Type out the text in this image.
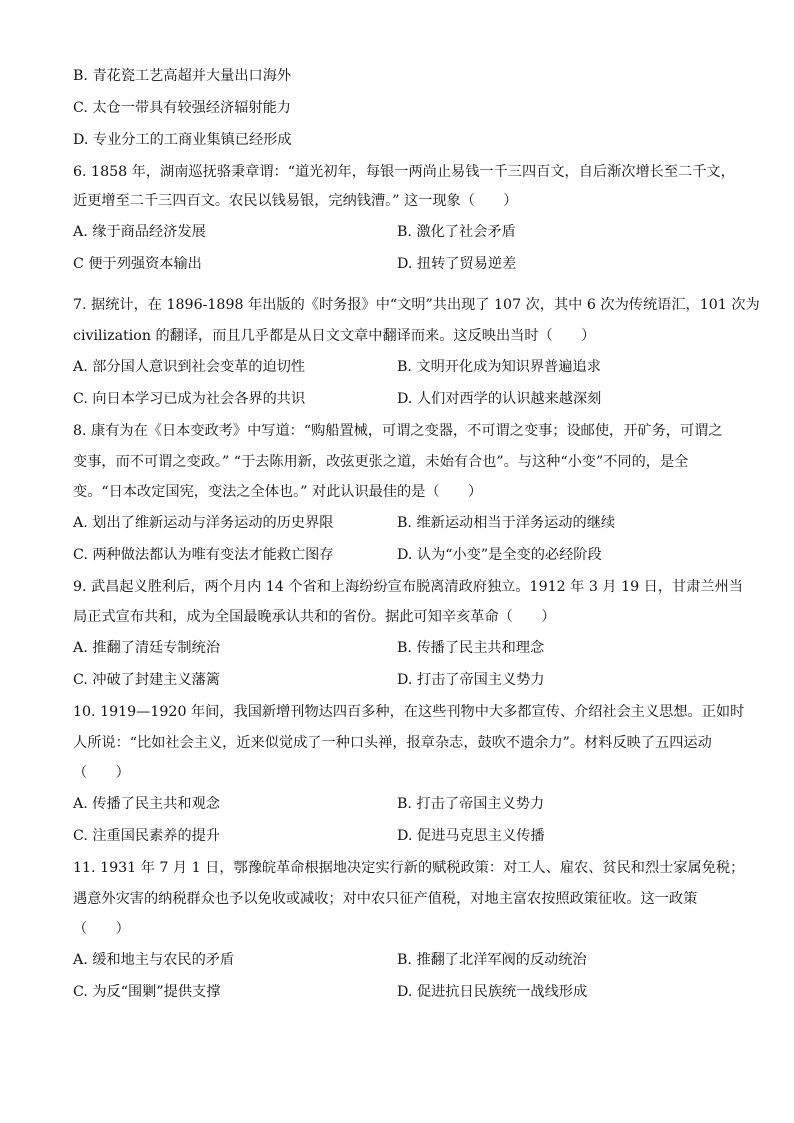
B. 青花瓷工艺高超并大量出口海外
C. 太仓一带具有较强经济辐射能力
D. 专业分工的工商业集镇已经形成
6. 1858 年，湖南巡抚骆秉章谓：“道光初年，每银一两尚止易钱一千三四百文，自后渐次增长至二千文，
近更增至二千三四百文。农民以钱易银，完纳钱漕。” 这一现象（　　）
A. 缘于商品经济发展	B. 激化了社会矛盾
C 便于列强资本输出	D. 扭转了贸易逆差
7. 据统计，在 1896-1898 年出版的《时务报》中“文明”共出现了 107 次，其中 6 次为传统语汇，101 次为
civilization 的翻译，而且几乎都是从日文文章中翻译而来。这反映出当时（　　）
A. 部分国人意识到社会变革的迫切性	B. 文明开化成为知识界普遍追求
C. 向日本学习已成为社会各界的共识	D. 人们对西学的认识越来越深刻
8. 康有为在《日本变政考》中写道：“购船置械，可谓之变器，不可谓之变事；设邮使，开矿务，可谓之
变事，而不可谓之变政。” “于去陈用新，改弦更张之道，未始有合也”。与这种“小变”不同的，是全
变。“日本改定国宪，变法之全体也。” 对此认识最佳的是（　　）
A. 划出了维新运动与洋务运动的历史界限	B. 维新运动相当于洋务运动的继续
C. 两种做法都认为唯有变法才能救亡图存	D. 认为“小变”是全变的必经阶段
9. 武昌起义胜利后，两个月内 14 个省和上海纷纷宣布脱离清政府独立。1912 年 3 月 19 日，甘肃兰州当
局正式宣布共和，成为全国最晚承认共和的省份。据此可知辛亥革命（　　）
A. 推翻了清廷专制统治	B. 传播了民主共和理念
C. 冲破了封建主义藩篱	D. 打击了帝国主义势力
10. 1919—1920 年间，我国新增刊物达四百多种，在这些刊物中大多都宣传、介绍社会主义思想。正如时
人所说：“比如社会主义，近来似觉成了一种口头禅，报章杂志，鼓吹不遗余力”。材料反映了五四运动
（　　）
A. 传播了民主共和观念	B. 打击了帝国主义势力
C. 注重国民素养的提升	D. 促进马克思主义传播
11. 1931 年 7 月 1 日，鄂豫皖革命根据地决定实行新的赋税政策：对工人、雇农、贫民和烈士家属免税；
遇意外灾害的纳税群众也予以免收或减收；对中农只征产值税，对地主富农按照政策征收。这一政策
（　　）
A. 缓和地主与农民的矛盾	B. 推翻了北洋军阀的反动统治
C. 为反“围剿”提供支撑	D. 促进抗日民族统一战线形成
